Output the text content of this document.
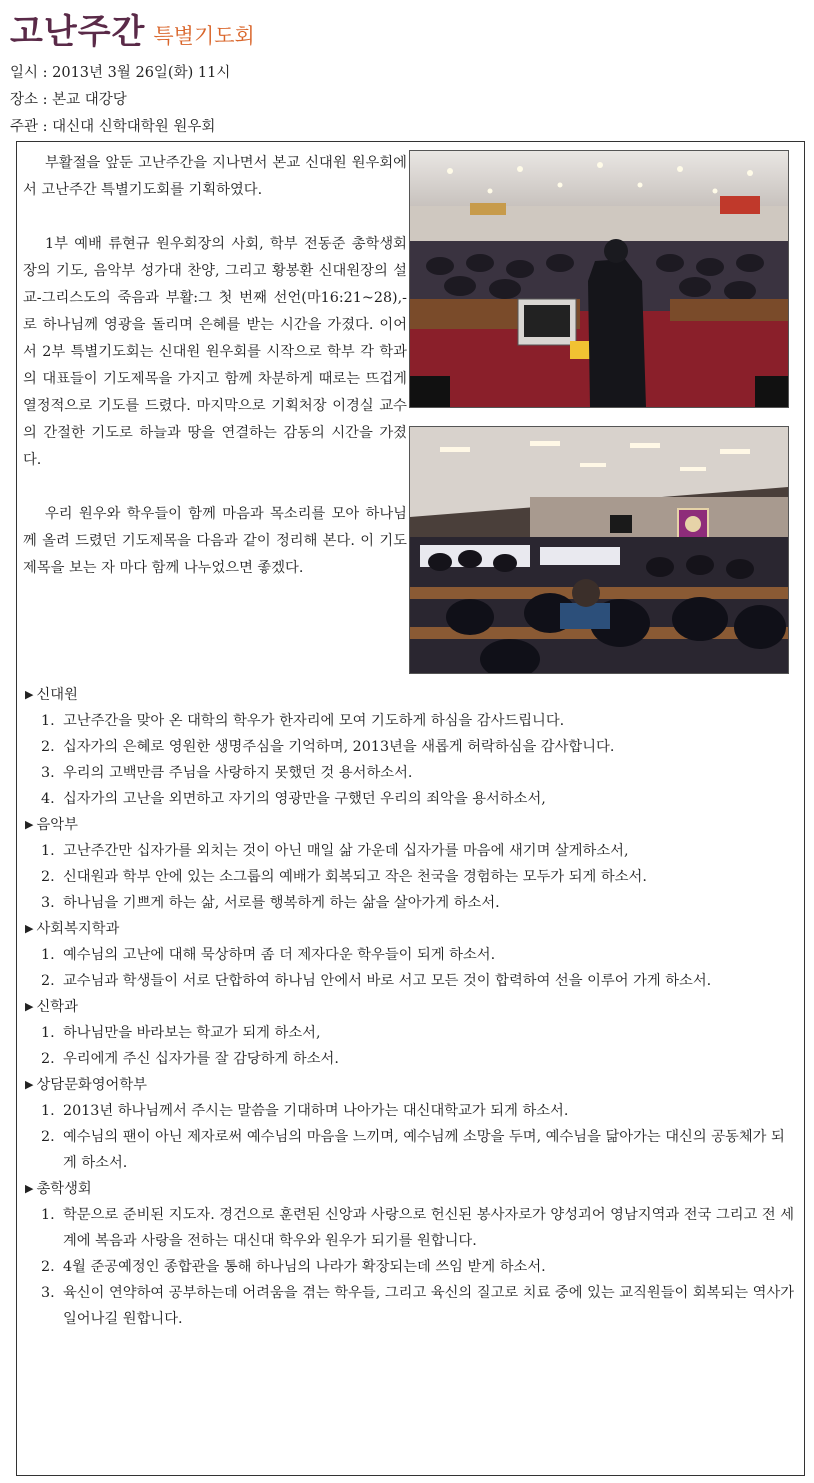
고난주간 특별기도회
일시 : 2013년 3월 26일(화) 11시
장소 : 본교 대강당
주관 : 대신대 신학대학원 원우회

부활절을 앞둔 고난주간을 지나면서 본교 신대원 원우회에서 고난주간 특별기도회를 기획하였다.

1부 예배 류현규 원우회장의 사회, 학부 전동준 총학생회장의 기도, 음악부 성가대 찬양, 그리고 황봉환 신대원장의 설교-그리스도의 죽음과 부활:그 첫 번째 선언(마16:21~28),-로 하나님께 영광을 돌리며 은혜를 받는 시간을 가졌다. 이어서 2부 특별기도회는 신대원 원우회를 시작으로 학부 각 학과의 대표들이 기도제목을 가지고 함께 차분하게 때로는 뜨겁게 열정적으로 기도를 드렸다. 마지막으로 기획처장 이경실 교수의 간절한 기도로 하늘과 땅을 연결하는 감동의 시간을 가졌다.

우리 원우와 학우들이 함께 마음과 목소리를 모아 하나님께 올려 드렸던 기도제목을 다음과 같이 정리해 본다. 이 기도제목을 보는 자 마다 함께 나누었으면 좋겠다.

▶ 신대원
1. 고난주간을 맞아 온 대학의 학우가 한자리에 모여 기도하게 하심을 감사드립니다.
2. 십자가의 은혜로 영원한 생명주심을 기억하며, 2013년을 새롭게 허락하심을 감사합니다.
3. 우리의 고백만큼 주님을 사랑하지 못했던 것 용서하소서.
4. 십자가의 고난을 외면하고 자기의 영광만을 구했던 우리의 죄악을 용서하소서,
▶ 음악부
1. 고난주간만 십자가를 외치는 것이 아닌 매일 삶 가운데 십자가를 마음에 새기며 살게하소서,
2. 신대원과 학부 안에 있는 소그룹의 예배가 회복되고 작은 천국을 경험하는 모두가 되게 하소서.
3. 하나님을 기쁘게 하는 삶, 서로를 행복하게 하는 삶을 살아가게 하소서.
▶ 사회복지학과
1. 예수님의 고난에 대해 묵상하며 좀 더 제자다운 학우들이 되게 하소서.
2. 교수님과 학생들이 서로 단합하여 하나님 안에서 바로 서고 모든 것이 합력하여 선을 이루어 가게 하소서.
▶ 신학과
1. 하나님만을 바라보는 학교가 되게 하소서,
2. 우리에게 주신 십자가를 잘 감당하게 하소서.
▶ 상담문화영어학부
1. 2013년 하나님께서 주시는 말씀을 기대하며 나아가는 대신대학교가 되게 하소서.
2. 예수님의 팬이 아닌 제자로써 예수님의 마음을 느끼며, 예수님께 소망을 두며, 예수님을 닮아가는 대신의 공동체가 되게 하소서.
▶ 총학생회
1. 학문으로 준비된 지도자. 경건으로 훈련된 신앙과 사랑으로 헌신된 봉사자로가 양성괴어 영남지역과 전국 그리고 전 세계에 복음과 사랑을 전하는 대신대 학우와 원우가 되기를 원합니다.
2. 4월 준공예정인 종합관을 통해 하나님의 나라가 확장되는데 쓰임 받게 하소서.
3. 육신이 연약하여 공부하는데 어려움을 겪는 학우들, 그리고 육신의 질고로 치료 중에 있는 교직원들이 회복되는 역사가 일어나길 원합니다.
